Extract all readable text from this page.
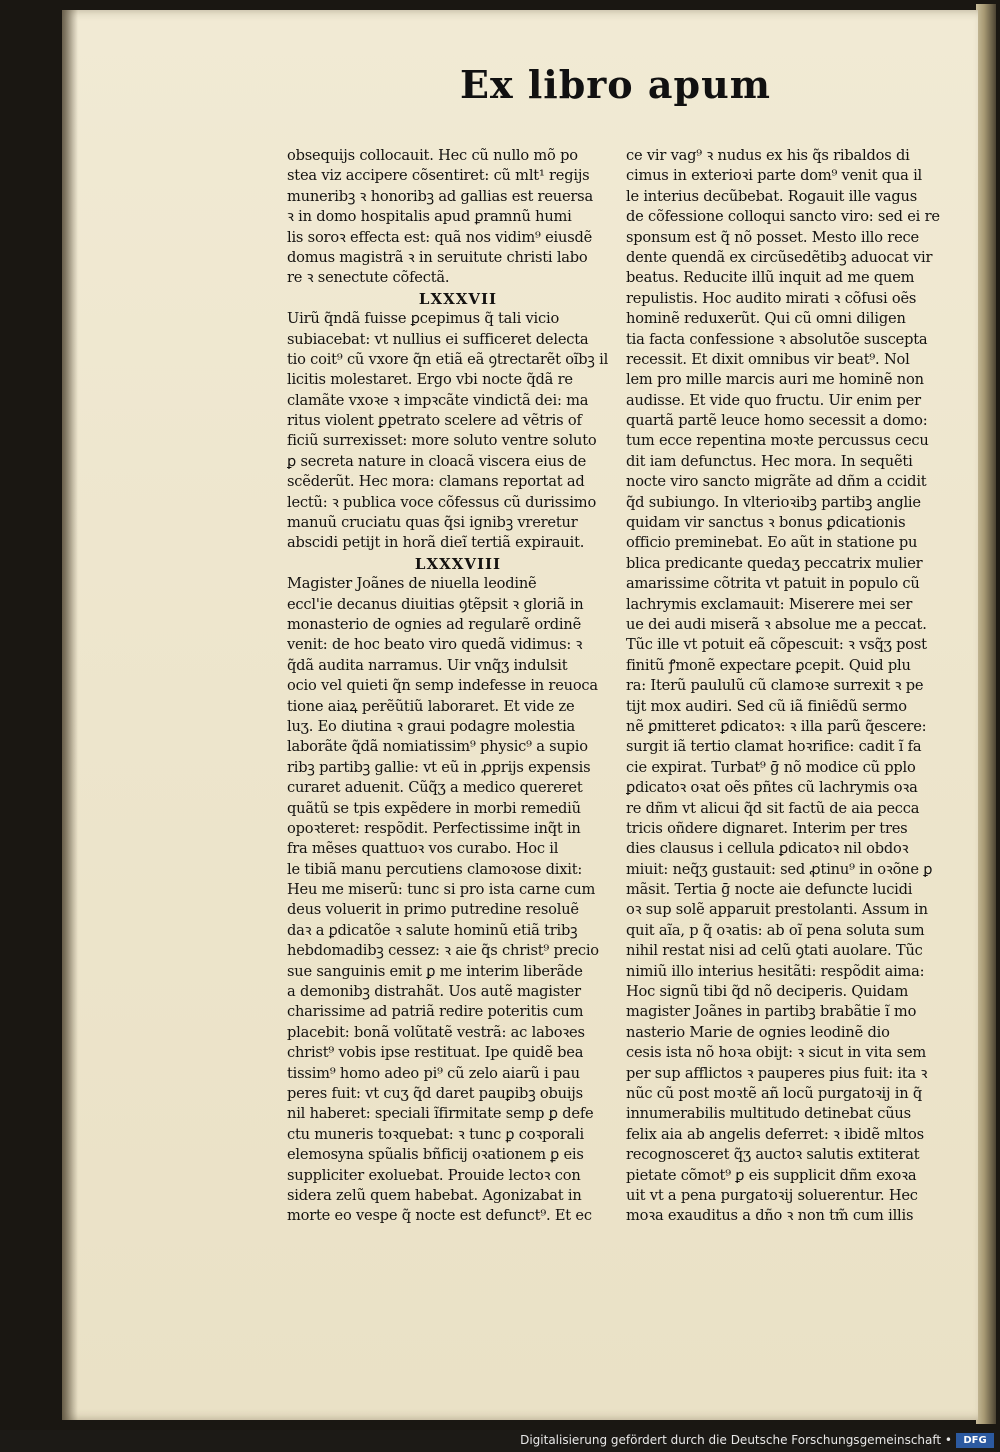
Ex libro apum
obsequijs collocauit. Hec cũ nullo mõ po
stea viz accipere cõsentiret: cũ mlt¹ regijs
muneribꝫ ꝛ honoribꝫ ad gallias est reuersa
ꝛ in domo hospitalis apud ꝑramnũ humi
lis soroꝛ effecta est: quã nos vidim⁹ eiusdẽ
domus magistrã ꝛ in seruitute christi labo
re ꝛ senectute cõfectã.
LXXXVII
Uirũ q̃ndã fuisse ꝑcepimus q̃ tali vicio
subiacebat: vt nullius ei sufficeret delecta
tio coit⁹ cũ vxore q̃n etiã eã ꝯtrectarẽt oĩbꝫ il
licitis molestaret. Ergo vbi nocte q̃dã re
clamãte vxoꝛe ꝛ impꝛcãte vindictã dei: ma
ritus violent ꝑpetrato scelere ad vẽtris of
ficiũ surrexisset: more soluto ventre soluto
ꝑ secreta nature in cloacã viscera eius de
scẽderũt. Hec mora: clamans reportat ad
lectũ: ꝛ publica voce cõfessus cũ durissimo
manuũ cruciatu quas q̃si ignibꝫ vreretur
abscidi petijt in horã dieĩ tertiã expirauit.
LXXXVIII
Magister Joãnes de niuella leodinẽ
eccl'ie decanus diuitias ꝯtẽpsit ꝛ gloriã in
monasterio de ognies ad regularẽ ordinẽ
venit: de hoc beato viro quedã vidimus: ꝛ
q̃dã audita narramus. Uir vnq̃ʒ indulsit
ocio vel quieti q̃n semp indefesse in reuoca
tione aiaꝝ perẽũtiũ laboraret. Et vide ze
luʒ. Eo diutina ꝛ graui podagre molestia
laborãte q̃dã nomiatissim⁹ physic⁹ a supio
ribꝫ partibꝫ gallie: vt eũ in ꝓprijs expensis
curaret aduenit. Cũq̃ʒ a medico quereret
quãtũ se tpis expẽdere in morbi remediũ
opoꝛteret: respõdit. Perfectissime inq̃t in
fra mẽses quattuoꝛ vos curabo. Hoc il
le tibiã manu percutiens clamoꝛose dixit:
Heu me miserũ: tunc si pro ista carne cum
deus voluerit in primo putredine resoluẽ
daꝛ a ꝑdicatõe ꝛ salute hominũ etiã tribꝫ
hebdomadibꝫ cessez: ꝛ aie q̃s christ⁹ precio
sue sanguinis emit ꝑ me interim liberãde
a demonibꝫ distrahãt. Uos autẽ magister
charissime ad patriã redire poteritis cum
placebit: bonã volũtatẽ vestrã: ac laboꝛes
christ⁹ vobis ipse restituat. Ipe quidẽ bea
tissim⁹ homo adeo pi⁹ cũ zelo aiarũ i pau
peres fuit: vt cuʒ q̃d daret pauꝑibꝫ obuijs
nil haberet: speciali ĩfirmitate semp ꝑ defe
ctu muneris toꝛquebat: ꝛ tunc ꝑ coꝛporali
elemosyna spũalis bñficij oꝛationem ꝑ eis
suppliciter exoluebat. Prouide lectoꝛ con
sidera zelũ quem habebat. Agonizabat in
morte eo vespe q̃ nocte est defunct⁹. Et ec
ce vir vag⁹ ꝛ nudus ex his q̃s ribaldos di
cimus in exterioꝛi parte dom⁹ venit qua il
le interius decũbebat. Rogauit ille vagus
de cõfessione colloqui sancto viro: sed ei re
sponsum est q̃ nõ posset. Mesto illo rece
dente quendã ex circũsedẽtibꝫ aduocat vir
beatus. Reducite illũ inquit ad me quem
repulistis. Hoc audito mirati ꝛ cõfusi oẽs
hominẽ reduxerũt. Qui cũ omni diligen
tia facta confessione ꝛ absolutõe suscepta
recessit. Et dixit omnibus vir beat⁹. Nol
lem pro mille marcis auri me hominẽ non
audisse. Et vide quo fructu. Uir enim per
quartã partẽ leuce homo secessit a domo:
tum ecce repentina moꝛte percussus cecu
dit iam defunctus. Hec mora. In sequẽti
nocte viro sancto migrãte ad dñm a ccidit
q̃d subiungo. In vlterioꝛibꝫ partibꝫ anglie
quidam vir sanctus ꝛ bonus ꝑdicationis
officio preminebat. Eo aũt in statione pu
blica predicante quedaʒ peccatrix mulier
amarissime cõtrita vt patuit in populo cũ
lachrymis exclamauit: Miserere mei ser
ue dei audi miserã ꝛ absolue me a peccat.
Tũc ille vt potuit eã cõpescuit: ꝛ vsq̃ʒ post
finitũ ꝭmonẽ expectare ꝑcepit. Quid plu
ra: Iterũ paululũ cũ clamoꝛe surrexit ꝛ pe
tijt mox audiri. Sed cũ iã finiẽdũ sermo
nẽ ꝑmitteret ꝑdicatoꝛ: ꝛ illa parũ q̃escere:
surgit iã tertio clamat hoꝛrifice: cadit ĩ fa
cie expirat. Turbat⁹ ḡ nõ modice cũ pplo
ꝑdicatoꝛ oꝛat oẽs pñtes cũ lachrymis oꝛa
re dñm vt alicui q̃d sit factũ de aia pecca
tricis oñdere dignaret. Interim per tres
dies clausus i cellula ꝑdicatoꝛ nil obdoꝛ
miuit: neq̃ʒ gustauit: sed ꝓtinu⁹ in oꝛõne ꝑ
mãsit. Tertia ḡ nocte aie defuncte lucidi
oꝛ sup solẽ apparuit prestolanti. Assum in
quit aĩa, p q̃ oꝛatis: ab oĩ pena soluta sum
nihil restat nisi ad celũ ꝯtati auolare. Tũc
nimiũ illo interius hesitãti: respõdit aima:
Hoc signũ tibi q̃d nõ deciperis. Quidam
magister Joãnes in partibꝫ brabãtie ĩ mo
nasterio Marie de ognies leodinẽ dio
cesis ista nõ hoꝛa obijt: ꝛ sicut in vita sem
per sup afflictos ꝛ pauperes pius fuit: ita ꝛ
nũc cũ post moꝛtẽ añ locũ purgatoꝛij in q̃
innumerabilis multitudo detinebat cũus
felix aia ab angelis deferret: ꝛ ibidẽ mltos
recognosceret q̃ʒ auctoꝛ salutis extiterat
pietate cõmot⁹ ꝑ eis supplicit dñm exoꝛa
uit vt a pena purgatoꝛij soluerentur. Hec
moꝛa exauditus a dño ꝛ non tm̃ cum illis
Digitalisierung gefördert durch die Deutsche Forschungsgemeinschaft •	DFG
